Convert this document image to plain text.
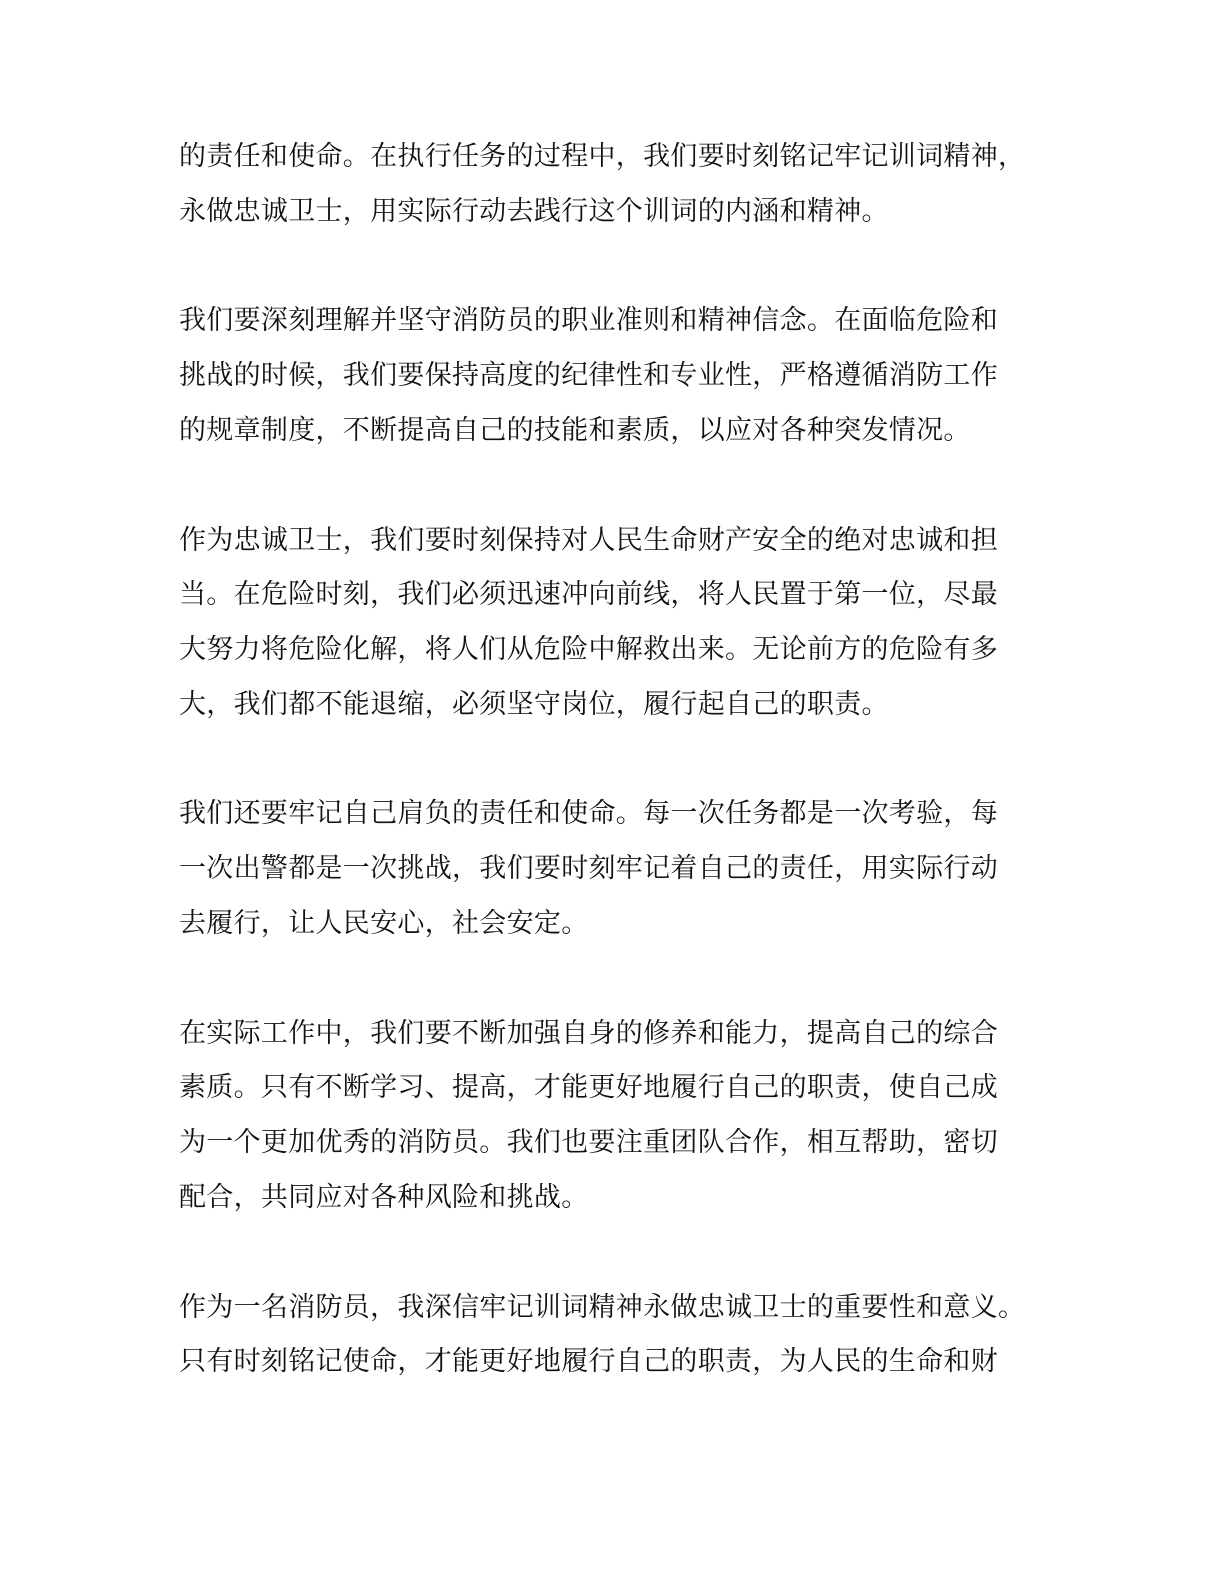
的责任和使命。在执行任务的过程中，我们要时刻铭记牢记训词精神，
永做忠诚卫士，用实际行动去践行这个训词的内涵和精神。
我们要深刻理解并坚守消防员的职业准则和精神信念。在面临危险和
挑战的时候，我们要保持高度的纪律性和专业性，严格遵循消防工作
的规章制度，不断提高自己的技能和素质，以应对各种突发情况。
作为忠诚卫士，我们要时刻保持对人民生命财产安全的绝对忠诚和担
当。在危险时刻，我们必须迅速冲向前线，将人民置于第一位，尽最
大努力将危险化解，将人们从危险中解救出来。无论前方的危险有多
大，我们都不能退缩，必须坚守岗位，履行起自己的职责。
我们还要牢记自己肩负的责任和使命。每一次任务都是一次考验，每
一次出警都是一次挑战，我们要时刻牢记着自己的责任，用实际行动
去履行，让人民安心，社会安定。
在实际工作中，我们要不断加强自身的修养和能力，提高自己的综合
素质。只有不断学习、提高，才能更好地履行自己的职责，使自己成
为一个更加优秀的消防员。我们也要注重团队合作，相互帮助，密切
配合，共同应对各种风险和挑战。
作为一名消防员，我深信牢记训词精神永做忠诚卫士的重要性和意义。
只有时刻铭记使命，才能更好地履行自己的职责，为人民的生命和财
